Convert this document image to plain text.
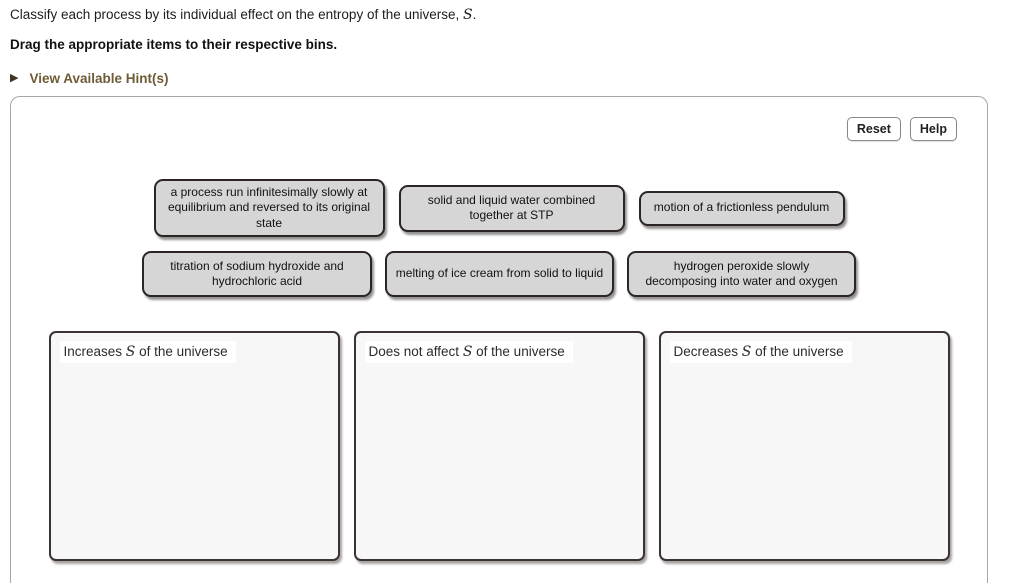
Classify each process by its individual effect on the entropy of the universe, S.
Drag the appropriate items to their respective bins.
▶ View Available Hint(s)
Reset	Help
a process run infinitesimally slowly at equilibrium and reversed to its original state
solid and liquid water combined together at STP
motion of a frictionless pendulum
titration of sodium hydroxide and hydrochloric acid
melting of ice cream from solid to liquid
hydrogen peroxide slowly decomposing into water and oxygen
Increases S of the universe	Does not affect S of the universe	Decreases S of the universe
